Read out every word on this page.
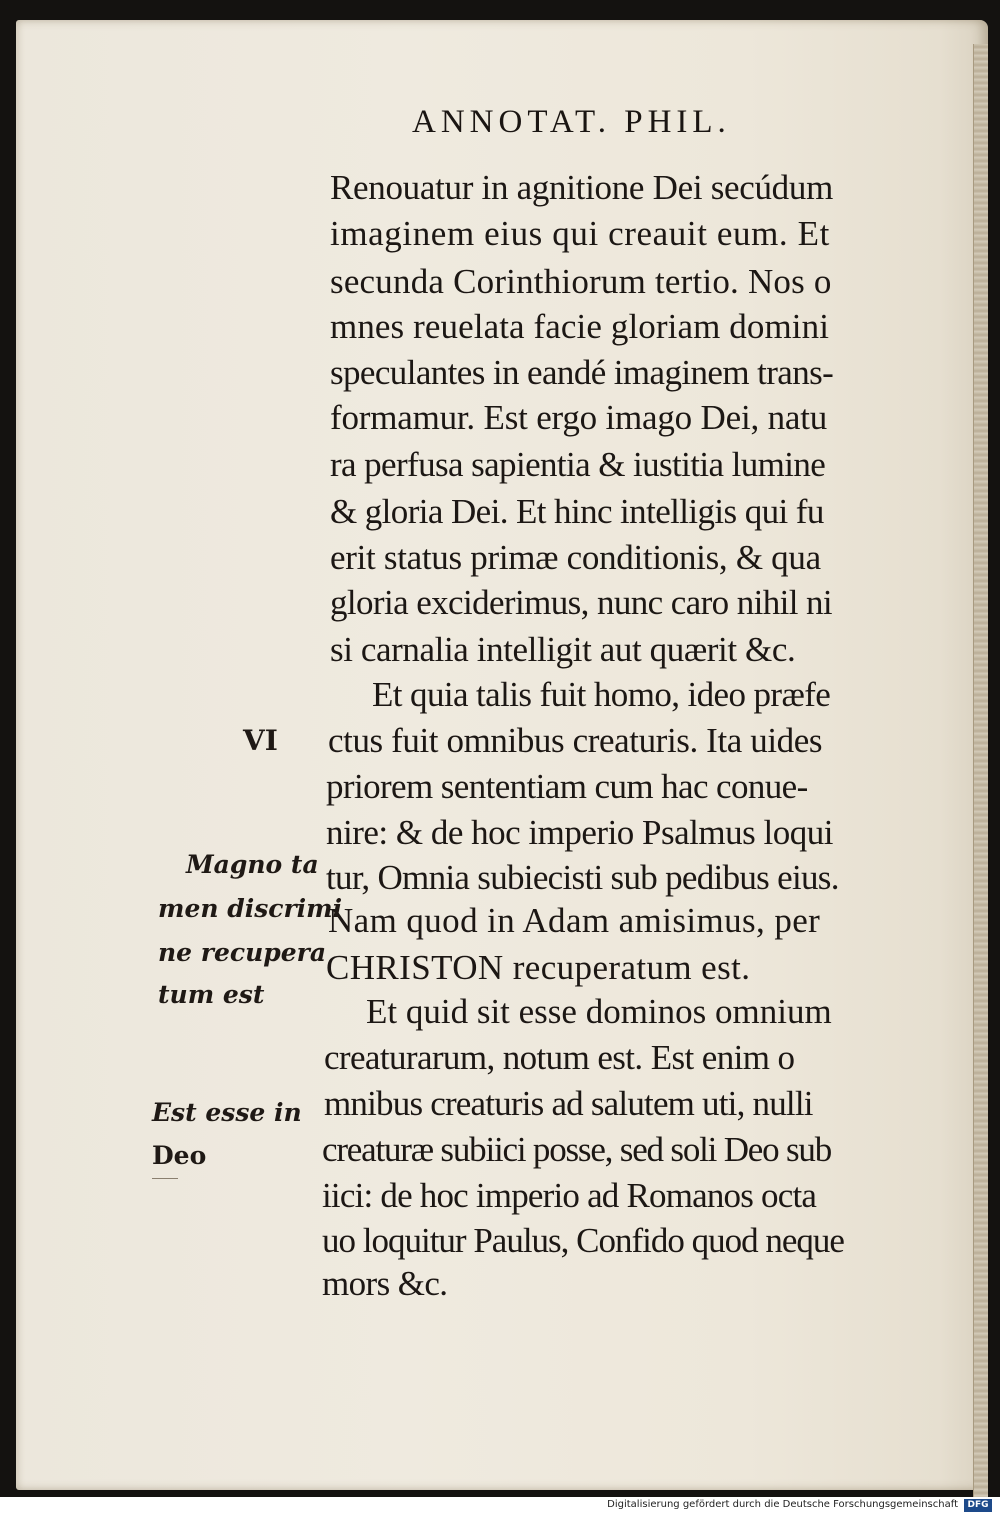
ANNOTAT. PHIL.
Renouatur in agnitione Dei secúdum
imaginem eius qui creauit eum. Et
secunda Corinthiorum tertio. Nos o
mnes reuelata facie gloriam domini
speculantes in eandé imaginem trans-
formamur. Est ergo imago Dei, natu
ra perfusa sapientia & iustitia lumine
& gloria Dei. Et hinc intelligis qui fu
erit status primæ conditionis, & qua
gloria exciderimus, nunc caro nihil ni
si carnalia intelligit aut quærit &c.
Et quia talis fuit homo, ideo præfe
ctus fuit omnibus creaturis. Ita uides
priorem sententiam cum hac conue-
nire: & de hoc imperio Psalmus loqui
tur, Omnia subiecisti sub pedibus eius.
Nam quod in Adam amisimus, per
CHRISTON recuperatum est.
Et quid sit esse dominos omnium
creaturarum, notum est. Est enim o
mnibus creaturis ad salutem uti, nulli
creaturæ subiici posse, sed soli Deo sub
iici: de hoc imperio ad Romanos octa
uo loquitur Paulus, Confido quod neque
mors &c.
VI
Magno ta
men discrimi
ne recupera
tum est
Est esse in
Deo
Digitalisierung gefördert durch die Deutsche Forschungsgemeinschaft	DFG
